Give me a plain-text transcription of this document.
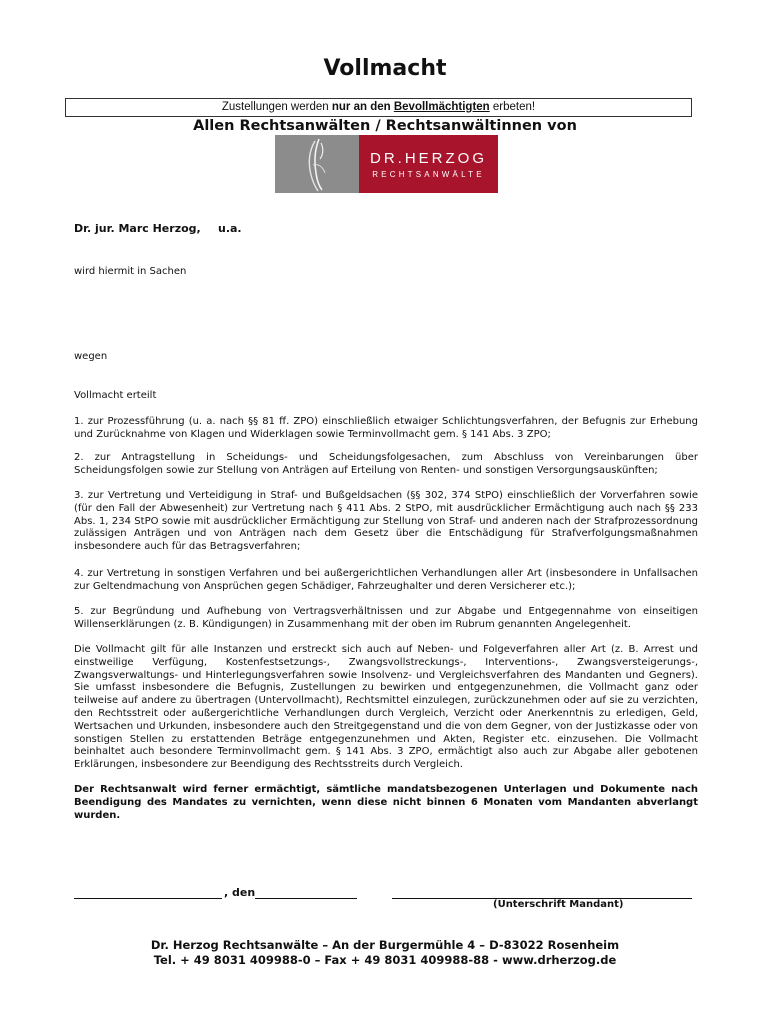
Vollmacht
Zustellungen werden nur an den Bevollmächtigten erbeten!
Allen Rechtsanwälten / Rechtsanwältinnen von
DR.HERZOG
RECHTSANWÄLTE
Dr. jur. Marc Herzog, u.a.
wird hiermit in Sachen
wegen
Vollmacht erteilt
1. zur Prozessführung (u. a. nach §§ 81 ff. ZPO) einschließlich etwaiger Schlichtungsverfahren, der Befugnis zur Erhebung und Zurücknahme von Klagen und Widerklagen sowie Terminvollmacht gem. § 141 Abs. 3 ZPO;
2. zur Antragstellung in Scheidungs- und Scheidungsfolgesachen, zum Abschluss von Vereinbarungen über Scheidungsfolgen sowie zur Stellung von Anträgen auf Erteilung von Renten- und sonstigen Versorgungsauskünften;
3. zur Vertretung und Verteidigung in Straf- und Bußgeldsachen (§§ 302, 374 StPO) einschließlich der Vorverfahren sowie (für den Fall der Abwesenheit) zur Vertretung nach § 411 Abs. 2 StPO, mit ausdrücklicher Ermächtigung auch nach §§ 233 Abs. 1, 234 StPO sowie mit ausdrücklicher Ermächtigung zur Stellung von Straf- und anderen nach der Strafprozessordnung zulässigen Anträgen und von Anträgen nach dem Gesetz über die Entschädigung für Strafverfolgungsmaßnahmen insbesondere auch für das Betragsverfahren;
4. zur Vertretung in sonstigen Verfahren und bei außergerichtlichen Verhandlungen aller Art (insbesondere in Unfallsachen zur Geltendmachung von Ansprüchen gegen Schädiger, Fahrzeughalter und deren Versicherer etc.);
5. zur Begründung und Aufhebung von Vertragsverhältnissen und zur Abgabe und Entgegennahme von einseitigen Willenserklärungen (z. B. Kündigungen) in Zusammenhang mit der oben im Rubrum genannten Angelegenheit.
Die Vollmacht gilt für alle Instanzen und erstreckt sich auch auf Neben- und Folgeverfahren aller Art (z. B. Arrest und einstweilige Verfügung, Kostenfestsetzungs-, Zwangsvollstreckungs-, Interventions-, Zwangsversteigerungs-, Zwangsverwaltungs- und Hinterlegungsverfahren sowie Insolvenz- und Vergleichsverfahren des Mandanten und Gegners). Sie umfasst insbesondere die Befugnis, Zustellungen zu bewirken und entgegenzunehmen, die Vollmacht ganz oder teilweise auf andere zu übertragen (Untervollmacht), Rechtsmittel einzulegen, zurückzunehmen oder auf sie zu verzichten, den Rechtsstreit oder außergerichtliche Verhandlungen durch Vergleich, Verzicht oder Anerkenntnis zu erledigen, Geld, Wertsachen und Urkunden, insbesondere auch den Streitgegenstand und die von dem Gegner, von der Justizkasse oder von sonstigen Stellen zu erstattenden Beträge entgegenzunehmen und Akten, Register etc. einzusehen. Die Vollmacht beinhaltet auch besondere Terminvollmacht gem. § 141 Abs. 3 ZPO, ermächtigt also auch zur Abgabe aller gebotenen Erklärungen, insbesondere zur Beendigung des Rechtsstreits durch Vergleich.
Der Rechtsanwalt wird ferner ermächtigt, sämtliche mandatsbezogenen Unterlagen und Dokumente nach Beendigung des Mandates zu vernichten, wenn diese nicht binnen 6 Monaten vom Mandanten abverlangt wurden.
, den
(Unterschrift Mandant)
Dr. Herzog Rechtsanwälte – An der Burgermühle 4 – D-83022 Rosenheim
Tel. + 49 8031 409988-0 – Fax + 49 8031 409988-88 - www.drherzog.de
